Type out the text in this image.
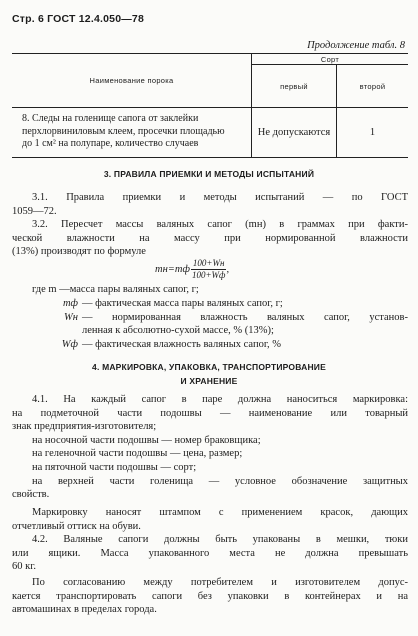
Стр. 6 ГОСТ 12.4.050—78
Продолжение табл. 8
Наименование порока	Сорт	
	первый	второй

8. Следы на голенище сапога от заклейки
перхлорвиниловым клеем, просечки площадью
до 1 см² на полупаре, количество случаев	Не допускаются	1
3. ПРАВИЛА ПРИЕМКИ И МЕТОДЫ ИСПЫТАНИЙ
3.1. Правила приемки и методы испытаний — по ГОСТ
1059—72.
3.2. Пересчет массы валяных сапог (mн) в граммах при факти-
ческой влажности на массу при нормированной влажности
(13%) производят по формуле
$mн=mф \frac{100+Wн}{100+Wф}$ ,
где m —масса пары валяных сапог, г;
mф — фактическая масса пары валяных сапог, г;
Wн — нормированная влажность валяных сапог, установ-
ленная к абсолютно-сухой массе, % (13%);
Wф — фактическая влажность валяных сапог, %
4. МАРКИРОВКА, УПАКОВКА, ТРАНСПОРТИРОВАНИЕ
И ХРАНЕНИЕ
4.1. На каждый сапог в паре должна наноситься маркировка:
на подметочной части подошвы — наименование или товарный
знак предприятия-изготовителя;
на носочной части подошвы — номер браковщика;
на геленочной части подошвы — цена, размер;
на пяточной части подошвы — сорт;
на верхней части голенища — условное обозначение защитных
свойств.
Маркировку наносят штампом с применением красок, дающих
отчетливый оттиск на обуви.
4.2. Валяные сапоги должны быть упакованы в мешки, тюки
или ящики. Масса упакованного места не должна превышать
60 кг.
По согласованию между потребителем и изготовителем допус-
кается транспортировать сапоги без упаковки в контейнерах и на
автомашинах в пределах города.
